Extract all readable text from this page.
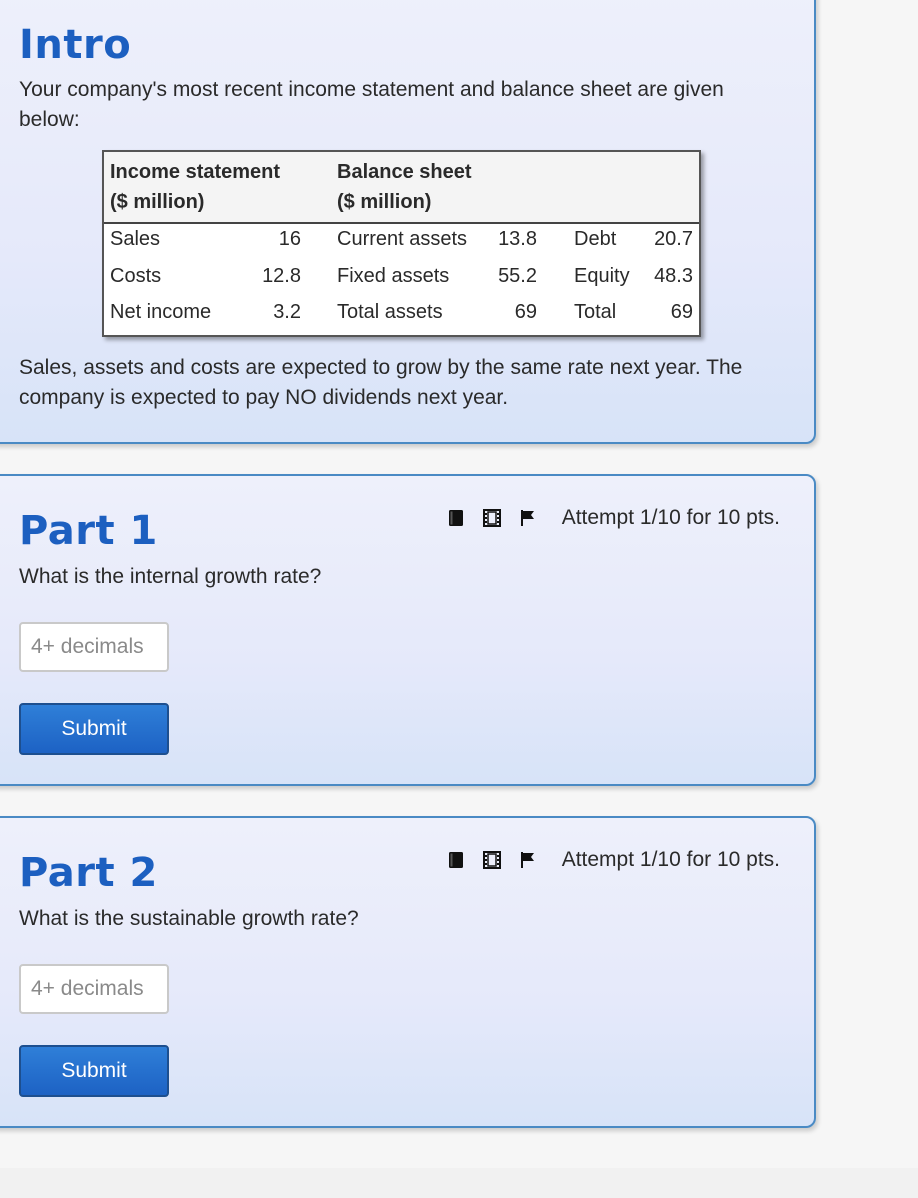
Intro

Your company's most recent income statement and balance sheet are given below:

Income statement
($ million)
Balance sheet
($ million)
Sales	16 Current assets	13.8 Debt	20.7
Costs	12.8 Fixed assets	55.2 Equity	48.3
Net income	3.2 Total assets	69 Total	69

Sales, assets and costs are expected to grow by the same rate next year. The company is expected to pay NO dividends next year.

Part 1	Attempt 1/10 for 10 pts.

What is the internal growth rate?

4+ decimals
Submit
Part 2	Attempt 1/10 for 10 pts.

What is the sustainable growth rate?

4+ decimals
Submit
